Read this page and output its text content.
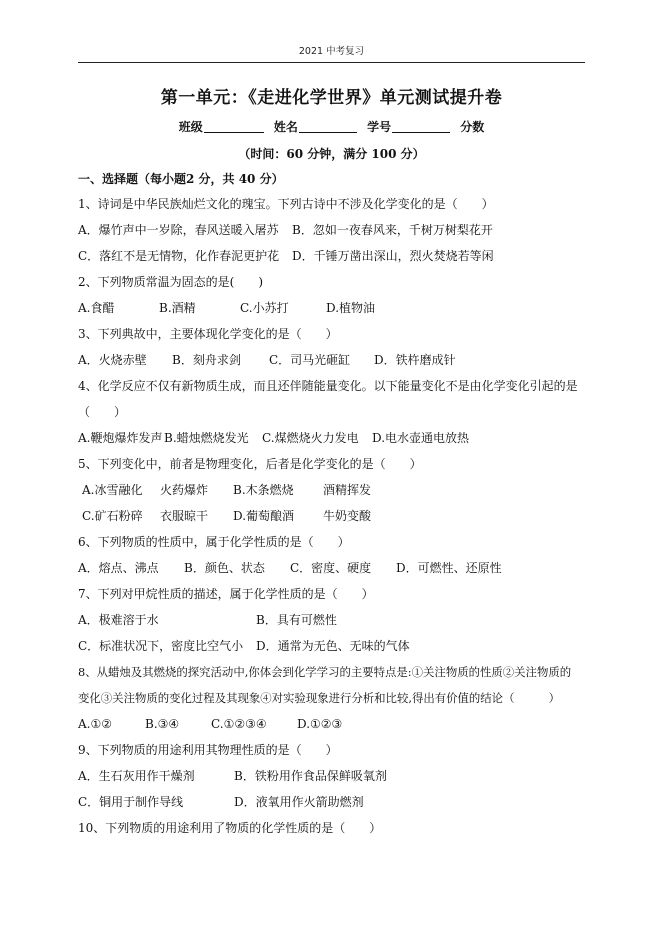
2021 中考复习
第一单元：《走进化学世界》单元测试提升卷
班级	姓名	学号	分数
（时间：60 分钟，满分 100 分）
一、选择题（每小题2 分，共 40 分）
1、诗词是中华民族灿烂文化的瑰宝。下列古诗中不涉及化学变化的是（　　）
A．爆竹声中一岁除，春风送暖入屠苏 B．忽如一夜春风来，千树万树梨花开
C．落红不是无情物，化作春泥更护花 D．千锤万凿出深山，烈火焚烧若等闲
2、下列物质常温为固态的是(　　)
A.食醋	B.酒精	C.小苏打	D.植物油
3、下列典故中，主要体现化学变化的是（　　）
A．火烧赤壁 B．刻舟求剑 C．司马光砸缸 D．铁杵磨成针
4、化学反应不仅有新物质生成，而且还伴随能量变化。以下能量变化不是由化学变化引起的是
（　　）
A.鞭炮爆炸发声 B.蜡烛燃烧发光 C.煤燃烧火力发电 D.电水壶通电放热
5、下列变化中，前者是物理变化，后者是化学变化的是（　　）
A.冰雪融化 火药爆炸 B.木条燃烧 酒精挥发
C.矿石粉碎 衣服晾干 D.葡萄酿酒 牛奶变酸
6、下列物质的性质中，属于化学性质的是（　　）
A．熔点、沸点 B．颜色、状态 C．密度、硬度 D．可燃性、还原性
7、下列对甲烷性质的描述，属于化学性质的是（　　）
A．极难溶于水	B．具有可燃性
C．标准状况下，密度比空气小 D．通常为无色、无味的气体
8、从蜡烛及其燃烧的探究活动中,你体会到化学学习的主要特点是:①关注物质的性质②关注物质的
变化③关注物质的变化过程及其现象④对实验现象进行分析和比较,得出有价值的结论（　　　）
A.①②	B.③④	C.①②③④	D.①②③
9、下列物质的用途利用其物理性质的是（　　）
A．生石灰用作干燥剂	B．铁粉用作食品保鲜吸氧剂
C．铜用于制作导线	D．液氧用作火箭助燃剂
10、下列物质的用途利用了物质的化学性质的是（　　）
